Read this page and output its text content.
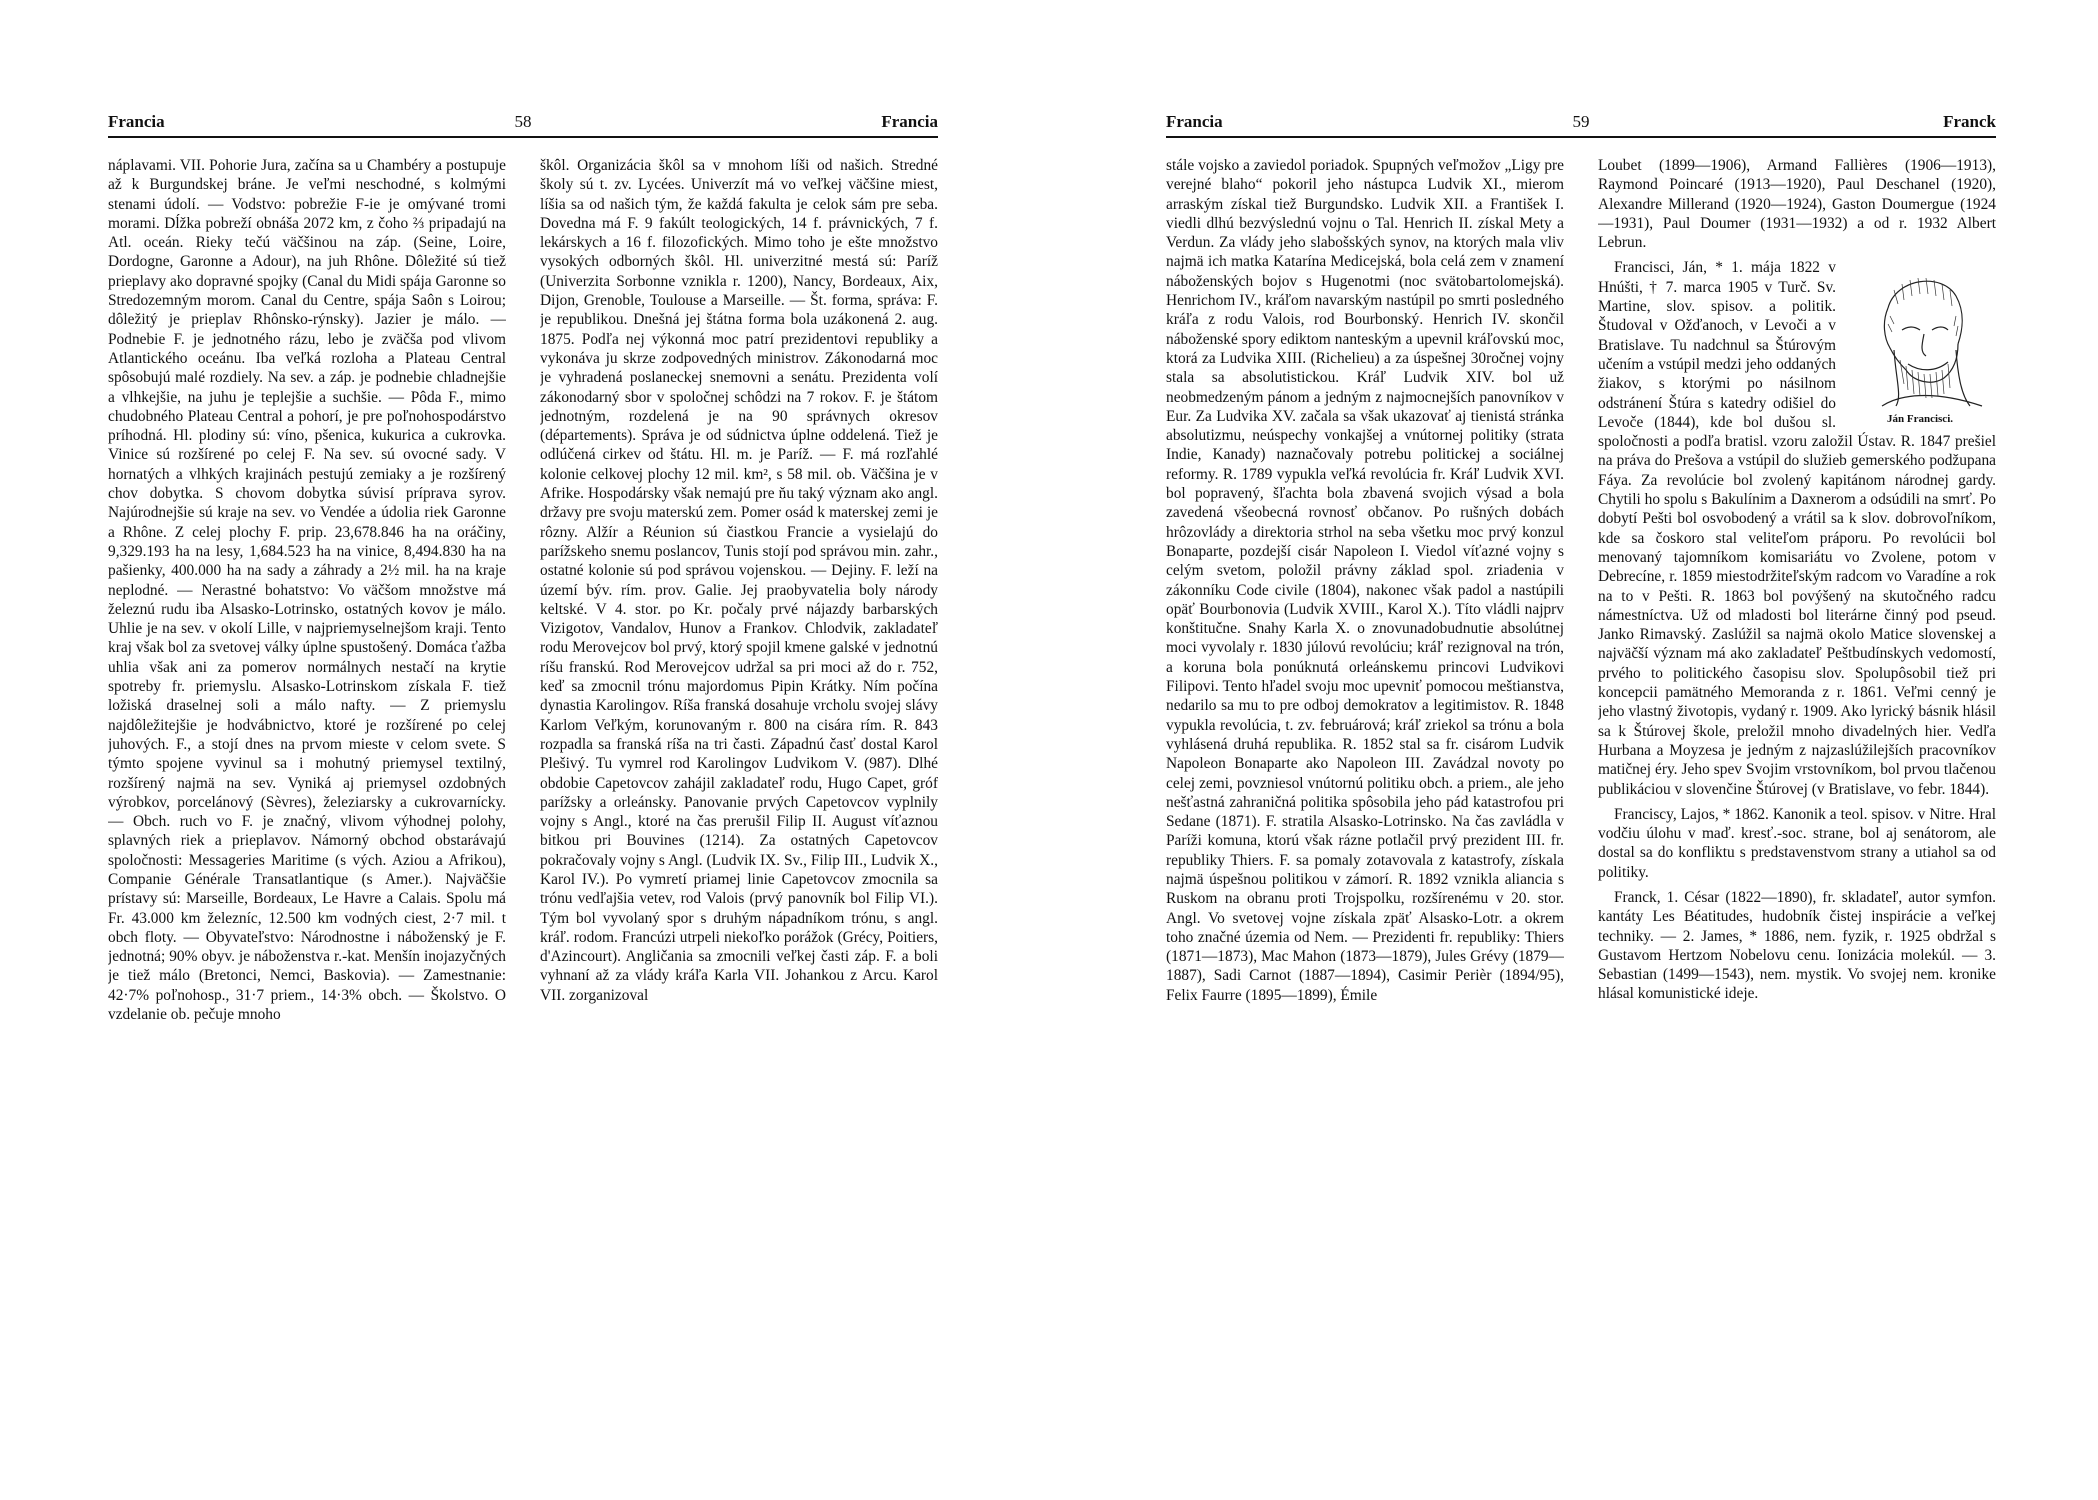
Francia	58	Francia

náplavami. VII. Pohorie Jura, začína sa u Chambéry a postupuje až k Burgundskej bráne. Je veľmi neschodné, s kolmými stenami údolí. — Vodstvo: pobrežie F-ie je omývané tromi morami. Dĺžka pobreží obnáša 2072 km, z čoho ⅔ pripadajú na Atl. oceán. Rieky tečú väčšinou na záp. (Seine, Loire, Dordogne, Garonne a Adour), na juh Rhône. Dôležité sú tiež prieplavy ako dopravné spojky (Canal du Midi spája Garonne so Stredozemným morom. Canal du Centre, spája Saôn s Loirou; dôležitý je prieplav Rhônsko-rýnsky). Jazier je málo. — Podnebie F. je jednotného rázu, lebo je zväčša pod vlivom Atlantického oceánu. Iba veľká rozloha a Plateau Central spôsobujú malé rozdiely. Na sev. a záp. je podnebie chladnejšie a vlhkejšie, na juhu je teplejšie a suchšie. — Pôda F., mimo chudobného Plateau Central a pohorí, je pre poľnohospodárstvo príhodná. Hl. plodiny sú: víno, pšenica, kukurica a cukrovka. Vinice sú rozšírené po celej F. Na sev. sú ovocné sady. V hornatých a vlhkých krajinách pestujú zemiaky a je rozšírený chov dobytka. S chovom dobytka súvisí príprava syrov. Najúrodnejšie sú kraje na sev. vo Vendée a údolia riek Garonne a Rhône. Z celej plochy F. prip. 23,678.846 ha na oráčiny, 9,329.193 ha na lesy, 1,684.523 ha na vinice, 8,494.830 ha na pašienky, 400.000 ha na sady a záhrady a 2½ mil. ha na kraje neplodné. — Nerastné bohatstvo: Vo väčšom množstve má železnú rudu iba Alsasko-Lotrinsko, ostatných kovov je málo. Uhlie je na sev. v okolí Lille, v najpriemyselnejšom kraji. Tento kraj však bol za svetovej války úplne spustošený. Domáca ťažba uhlia však ani za pomerov normálnych nestačí na krytie spotreby fr. priemyslu. Alsasko-Lotrinskom získala F. tiež ložiská draselnej soli a málo nafty. — Z priemyslu najdôležitejšie je hodvábnictvo, ktoré je rozšírené po celej juhových. F., a stojí dnes na prvom mieste v celom svete. S týmto spojene vyvinul sa i mohutný priemysel textilný, rozšírený najmä na sev. Vyniká aj priemysel ozdobných výrobkov, porcelánový (Sèvres), železiarsky a cukrovarnícky. — Obch. ruch vo F. je značný, vlivom výhodnej polohy, splavných riek a prieplavov. Námorný obchod obstarávajú spoločnosti: Messageries Maritime (s vých. Aziou a Afrikou), Companie Générale Transatlantique (s Amer.). Najväčšie prístavy sú: Marseille, Bordeaux, Le Havre a Calais. Spolu má Fr. 43.000 km železníc, 12.500 km vodných ciest, 2·7 mil. t obch floty. — Obyvateľstvo: Národnostne i náboženský je F. jednotná; 90% obyv. je náboženstva r.-kat. Menšín inojazyčných je tiež málo (Bretonci, Nemci, Baskovia). — Zamestnanie: 42·7% poľnohosp., 31·7 priem., 14·3% obch. — Školstvo. O vzdelanie ob. pečuje mnoho

škôl. Organizácia škôl sa v mnohom líši od našich. Stredné školy sú t. zv. Lycées. Univerzít má vo veľkej väčšine miest, líšia sa od našich tým, že každá fakulta je celok sám pre seba. Dovedna má F. 9 fakúlt teologických, 14 f. právnických, 7 f. lekárskych a 16 f. filozofických. Mimo toho je ešte množstvo vysokých odborných škôl. Hl. univerzitné mestá sú: Paríž (Univerzita Sorbonne vznikla r. 1200), Nancy, Bordeaux, Aix, Dijon, Grenoble, Toulouse a Marseille. — Št. forma, správa: F. je republikou. Dnešná jej štátna forma bola uzákonená 2. aug. 1875. Podľa nej výkonná moc patrí prezidentovi republiky a vykonáva ju skrze zodpovedných ministrov. Zákonodarná moc je vyhradená poslaneckej snemovni a senátu. Prezidenta volí zákonodarný sbor v spoločnej schôdzi na 7 rokov. F. je štátom jednotným, rozdelená je na 90 správnych okresov (départements). Správa je od súdnictva úplne oddelená. Tiež je odlúčená cirkev od štátu. Hl. m. je Paríž. — F. má rozľahlé kolonie celkovej plochy 12 mil. km², s 58 mil. ob. Väčšina je v Afrike. Hospodársky však nemajú pre ňu taký význam ako angl. državy pre svoju materskú zem. Pomer osád k materskej zemi je rôzny. Alžír a Réunion sú čiastkou Francie a vysielajú do parížskeho snemu poslancov, Tunis stojí pod správou min. zahr., ostatné kolonie sú pod správou vojenskou. — Dejiny. F. leží na území býv. rím. prov. Galie. Jej praobyvatelia boly národy keltské. V 4. stor. po Kr. počaly prvé nájazdy barbarských Vizigotov, Vandalov, Hunov a Frankov. Chlodvik, zakladateľ rodu Merovejcov bol prvý, ktorý spojil kmene galské v jednotnú ríšu franskú. Rod Merovejcov udržal sa pri moci až do r. 752, keď sa zmocnil trónu majordomus Pipin Krátky. Ním počína dynastia Karolingov. Ríša franská dosahuje vrcholu svojej slávy Karlom Veľkým, korunovaným r. 800 na cisára rím. R. 843 rozpadla sa franská ríša na tri časti. Západnú časť dostal Karol Plešivý. Tu vymrel rod Karolingov Ludvikom V. (987). Dlhé obdobie Capetovcov zahájil zakladateľ rodu, Hugo Capet, gróf parížsky a orleánsky. Panovanie prvých Capetovcov vyplnily vojny s Angl., ktoré na čas prerušil Filip II. August víťaznou bitkou pri Bouvines (1214). Za ostatných Capetovcov pokračovaly vojny s Angl. (Ludvik IX. Sv., Filip III., Ludvik X., Karol IV.). Po vymretí priamej linie Capetovcov zmocnila sa trónu vedľajšia vetev, rod Valois (prvý panovník bol Filip VI.). Tým bol vyvolaný spor s druhým nápadníkom trónu, s angl. kráľ. rodom. Francúzi utrpeli niekoľko porážok (Grécy, Poitiers, d'Azincourt). Angličania sa zmocnili veľkej časti záp. F. a boli vyhnaní až za vlády kráľa Karla VII. Johankou z Arcu. Karol VII. zorganizoval

Francia	59	Franck

stále vojsko a zaviedol poriadok. Spupných veľmožov „Ligy pre verejné blaho“ pokoril jeho nástupca Ludvik XI., mierom arraským získal tiež Burgundsko. Ludvik XII. a František I. viedli dlhú bezvýslednú vojnu o Tal. Henrich II. získal Mety a Verdun. Za vlády jeho slabošských synov, na ktorých mala vliv najmä ich matka Katarína Medicejská, bola celá zem v znamení náboženských bojov s Hugenotmi (noc svätobartolomejská). Henrichom IV., kráľom navarským nastúpil po smrti posledného kráľa z rodu Valois, rod Bourbonský. Henrich IV. skončil náboženské spory ediktom nanteským a upevnil kráľovskú moc, ktorá za Ludvika XIII. (Richelieu) a za úspešnej 30ročnej vojny stala sa absolutistickou. Kráľ Ludvik XIV. bol už neobmedzeným pánom a jedným z najmocnejších panovníkov v Eur. Za Ludvika XV. začala sa však ukazovať aj tienistá stránka absolutizmu, neúspechy vonkajšej a vnútornej politiky (strata Indie, Kanady) naznačovaly potrebu politickej a sociálnej reformy. R. 1789 vypukla veľká revolúcia fr. Kráľ Ludvik XVI. bol popravený, šľachta bola zbavená svojich výsad a bola zavedená všeobecná rovnosť občanov. Po rušných dobách hrôzovlády a direktoria strhol na seba všetku moc prvý konzul Bonaparte, pozdejší cisár Napoleon I. Viedol víťazné vojny s celým svetom, položil právny základ spol. zriadenia v zákonníku Code civile (1804), nakonec však padol a nastúpili opäť Bourbonovia (Ludvik XVIII., Karol X.). Títo vládli najprv konštitučne. Snahy Karla X. o znovunadobudnutie absolútnej moci vyvolaly r. 1830 júlovú revolúciu; kráľ rezignoval na trón, a koruna bola ponúknutá orleánskemu princovi Ludvikovi Filipovi. Tento hľadel svoju moc upevniť pomocou meštianstva, nedarilo sa mu to pre odboj demokratov a legitimistov. R. 1848 vypukla revolúcia, t. zv. februárová; kráľ zriekol sa trónu a bola vyhlásená druhá republika. R. 1852 stal sa fr. cisárom Ludvik Napoleon Bonaparte ako Napoleon III. Zavádzal novoty po celej zemi, povzniesol vnútornú politiku obch. a priem., ale jeho nešťastná zahraničná politika spôsobila jeho pád katastrofou pri Sedane (1871). F. stratila Alsasko-Lotrinsko. Na čas zavládla v Paríži komuna, ktorú však rázne potlačil prvý prezident III. fr. republiky Thiers. F. sa pomaly zotavovala z katastrofy, získala najmä úspešnou politikou v zámorí. R. 1892 vznikla aliancia s Ruskom na obranu proti Trojspolku, rozšírenému v 20. stor. Angl. Vo svetovej vojne získala zpäť Alsasko-Lotr. a okrem toho značné územia od Nem. — Prezidenti fr. republiky: Thiers (1871—1873), Mac Mahon (1873—1879), Jules Grévy (1879—1887), Sadi Carnot (1887—1894), Casimir Perièr (1894/95), Felix Faurre (1895—1899), Émile

Loubet (1899—1906), Armand Fallières (1906—1913), Raymond Poincaré (1913—1920), Paul Deschanel (1920), Alexandre Millerand (1920—1924), Gaston Doumergue (1924—1931), Paul Doumer (1931—1932) a od r. 1932 Albert Lebrun.

Ján Francisci.
Francisci, Ján, * 1. mája 1822 v Hnúšti, † 7. marca 1905 v Turč. Sv. Martine, slov. spisov. a politik. Študoval v Ožďanoch, v Levoči a v Bratislave. Tu nadchnul sa Štúrovým učením a vstúpil medzi jeho oddaných žiakov, s ktorými po násilnom odstránení Štúra s katedry odišiel do Levoče (1844), kde bol dušou sl. spoločnosti a podľa bratisl. vzoru založil Ústav. R. 1847 prešiel na práva do Prešova a vstúpil do služieb gemerského podžupana Fáya. Za revolúcie bol zvolený kapitánom národnej gardy. Chytili ho spolu s Bakulínim a Daxnerom a odsúdili na smrť. Po dobytí Pešti bol osvobodený a vrátil sa k slov. dobrovoľníkom, kde sa čoskoro stal veliteľom práporu. Po revolúcii bol menovaný tajomníkom komisariátu vo Zvolene, potom v Debrecíne, r. 1859 miestodržiteľským radcom vo Varadíne a rok na to v Pešti. R. 1863 bol povýšený na skutočného radcu námestníctva. Už od mladosti bol literárne činný pod pseud. Janko Rimavský. Zaslúžil sa najmä okolo Matice slovenskej a najväčší význam má ako zakladateľ Peštbudínskych vedomostí, prvého to politického časopisu slov. Spolupôsobil tiež pri koncepcii pamätného Memoranda z r. 1861. Veľmi cenný je jeho vlastný životopis, vydaný r. 1909. Ako lyrický básnik hlásil sa k Štúrovej škole, preložil mnoho divadelných hier. Vedľa Hurbana a Moyzesa je jedným z najzaslúžilejších pracovníkov matičnej éry. Jeho spev Svojim vrstovníkom, bol prvou tlačenou publikáciou v slovenčine Štúrovej (v Bratislave, vo febr. 1844).

Franciscy, Lajos, * 1862. Kanonik a teol. spisov. v Nitre. Hral vodčiu úlohu v maď. kresť.-soc. strane, bol aj senátorom, ale dostal sa do konfliktu s predstavenstvom strany a utiahol sa od politiky.

Franck, 1. César (1822—1890), fr. skladateľ, autor symfon. kantáty Les Béatitudes, hudobník čistej inspirácie a veľkej techniky. — 2. James, * 1886, nem. fyzik, r. 1925 obdržal s Gustavom Hertzom Nobelovu cenu. Ionizácia molekúl. — 3. Sebastian (1499—1543), nem. mystik. Vo svojej nem. kronike hlásal komunistické ideje.
